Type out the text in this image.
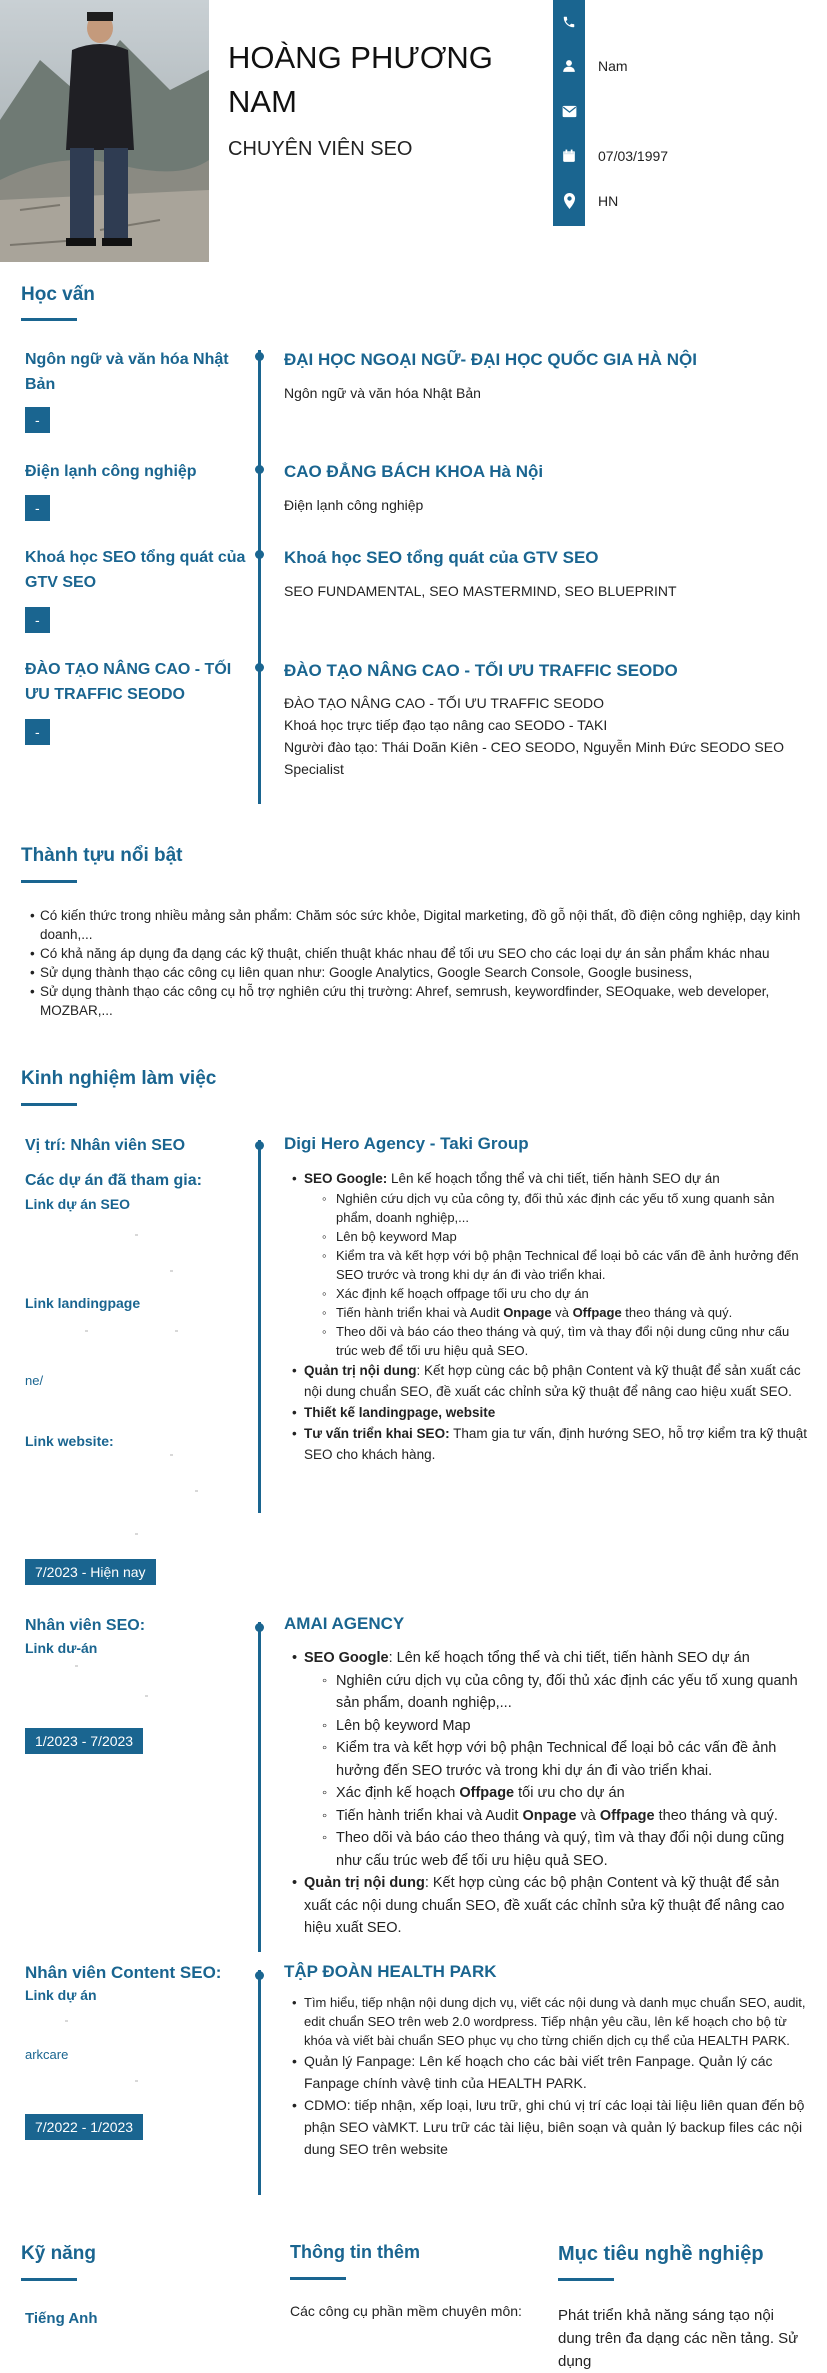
HOÀNG PHƯƠNG NAM
CHUYÊN VIÊN SEO
Nam
07/03/1997
HN
Học vấn
Ngôn ngữ và văn hóa Nhật Bản
-
ĐẠI HỌC NGOẠI NGỮ- ĐẠI HỌC QUỐC GIA HÀ NỘI
Ngôn ngữ và văn hóa Nhật Bản
Điện lạnh công nghiệp
-
CAO ĐẲNG BÁCH KHOA Hà Nội
Điện lạnh công nghiệp
Khoá học SEO tổng quát của GTV SEO
-
Khoá học SEO tổng quát của GTV SEO
SEO FUNDAMENTAL, SEO MASTERMIND, SEO BLUEPRINT
ĐÀO TẠO NÂNG CAO - TỐI ƯU TRAFFIC SEODO
-
ĐÀO TẠO NÂNG CAO - TỐI ƯU TRAFFIC SEODO
ĐÀO TẠO NÂNG CAO - TỐI ƯU TRAFFIC SEODO
Khoá học trực tiếp đạo tạo nâng cao SEODO - TAKI
Người đào tạo: Thái Doãn Kiên - CEO SEODO, Nguyễn Minh Đức SEODO SEO Specialist
Thành tựu nổi bật
• Có kiến thức trong nhiều mảng sản phẩm: Chăm sóc sức khỏe, Digital marketing, đồ gỗ nội thất, đồ điện công nghiệp, dạy kinh doanh,...
• Có khả năng áp dụng đa dạng các kỹ thuật, chiến thuật khác nhau để tối ưu SEO cho các loại dự án sản phẩm khác nhau
• Sử dụng thành thạo các công cụ liên quan như: Google Analytics, Google Search Console, Google business,
• Sử dụng thành thạo các công cụ hỗ trợ nghiên cứu thị trường: Ahref, semrush, keywordfinder, SEOquake, web developer, MOZBAR,...
Kinh nghiệm làm việc
Vị trí: Nhân viên SEO
Các dự án đã tham gia:
Link dự án SEO
Link landingpage
ne/
Link website:
7/2023 - Hiện nay
Digi Hero Agency - Taki Group
• SEO Google: Lên kế hoạch tổng thể và chi tiết, tiến hành SEO dự án
◦ Nghiên cứu dịch vụ của công ty, đối thủ xác định các yếu tố xung quanh sản phẩm, doanh nghiệp,...
◦ Lên bộ keyword Map
◦ Kiểm tra và kết hợp với bộ phận Technical để loại bỏ các vấn đề ảnh hưởng đến SEO trước và trong khi dự án đi vào triển khai.
◦ Xác định kế hoạch offpage tối ưu cho dự án
◦ Tiến hành triển khai và Audit Onpage và Offpage theo tháng và quý.
◦ Theo dõi và báo cáo theo tháng và quý, tìm và thay đổi nội dung cũng như cấu trúc web để tối ưu hiệu quả SEO.
• Quản trị nội dung: Kết hợp cùng các bộ phận Content và kỹ thuật để sản xuất các nội dung chuẩn SEO, đề xuất các chỉnh sửa kỹ thuật để nâng cao hiệu xuất SEO.
• Thiết kế landingpage, website
• Tư vấn triển khai SEO: Tham gia tư vấn, định hướng SEO, hỗ trợ kiểm tra kỹ thuật SEO cho khách hàng.
Nhân viên SEO:
Link dư-án
1/2023 - 7/2023
AMAI AGENCY
• SEO Google: Lên kế hoạch tổng thể và chi tiết, tiến hành SEO dự án
◦ Nghiên cứu dịch vụ của công ty, đối thủ xác định các yếu tố xung quanh sản phẩm, doanh nghiệp,...
◦ Lên bộ keyword Map
◦ Kiểm tra và kết hợp với bộ phận Technical để loại bỏ các vấn đề ảnh hưởng đến SEO trước và trong khi dự án đi vào triển khai.
◦ Xác định kế hoạch Offpage tối ưu cho dự án
◦ Tiến hành triển khai và Audit Onpage và Offpage theo tháng và quý.
◦ Theo dõi và báo cáo theo tháng và quý, tìm và thay đổi nội dung cũng như cấu trúc web để tối ưu hiệu quả SEO.
• Quản trị nội dung: Kết hợp cùng các bộ phận Content và kỹ thuật để sản xuất các nội dung chuẩn SEO, đề xuất các chỉnh sửa kỹ thuật để nâng cao hiệu xuất SEO.
Nhân viên Content SEO:
Link dự án
arkcare
7/2022 - 1/2023
TẬP ĐOÀN HEALTH PARK
• Tìm hiểu, tiếp nhận nội dung dịch vụ, viết các nội dung và danh mục chuẩn SEO, audit, edit chuẩn SEO trên web 2.0 wordpress. Tiếp nhận yêu cầu, lên kế hoạch cho bộ từ khóa và viết bài chuẩn SEO phục vụ cho từng chiến dịch cụ thể của HEALTH PARK.
• Quản lý Fanpage: Lên kế hoạch cho các bài viết trên Fanpage. Quản lý các Fanpage chính vàvệ tinh của HEALTH PARK.
• CDMO: tiếp nhận, xếp loại, lưu trữ, ghi chú vị trí các loại tài liệu liên quan đến bộ phận SEO vàMKT. Lưu trữ các tài liệu, biên soạn và quản lý backup files các nội dung SEO trên website
Kỹ năng
Tiếng Anh
Thông tin thêm
Các công cụ phần mềm chuyên môn:
Mục tiêu nghề nghiệp
Phát triển khả năng sáng tạo nội dung trên đa dạng các nền tảng. Sử dụng
